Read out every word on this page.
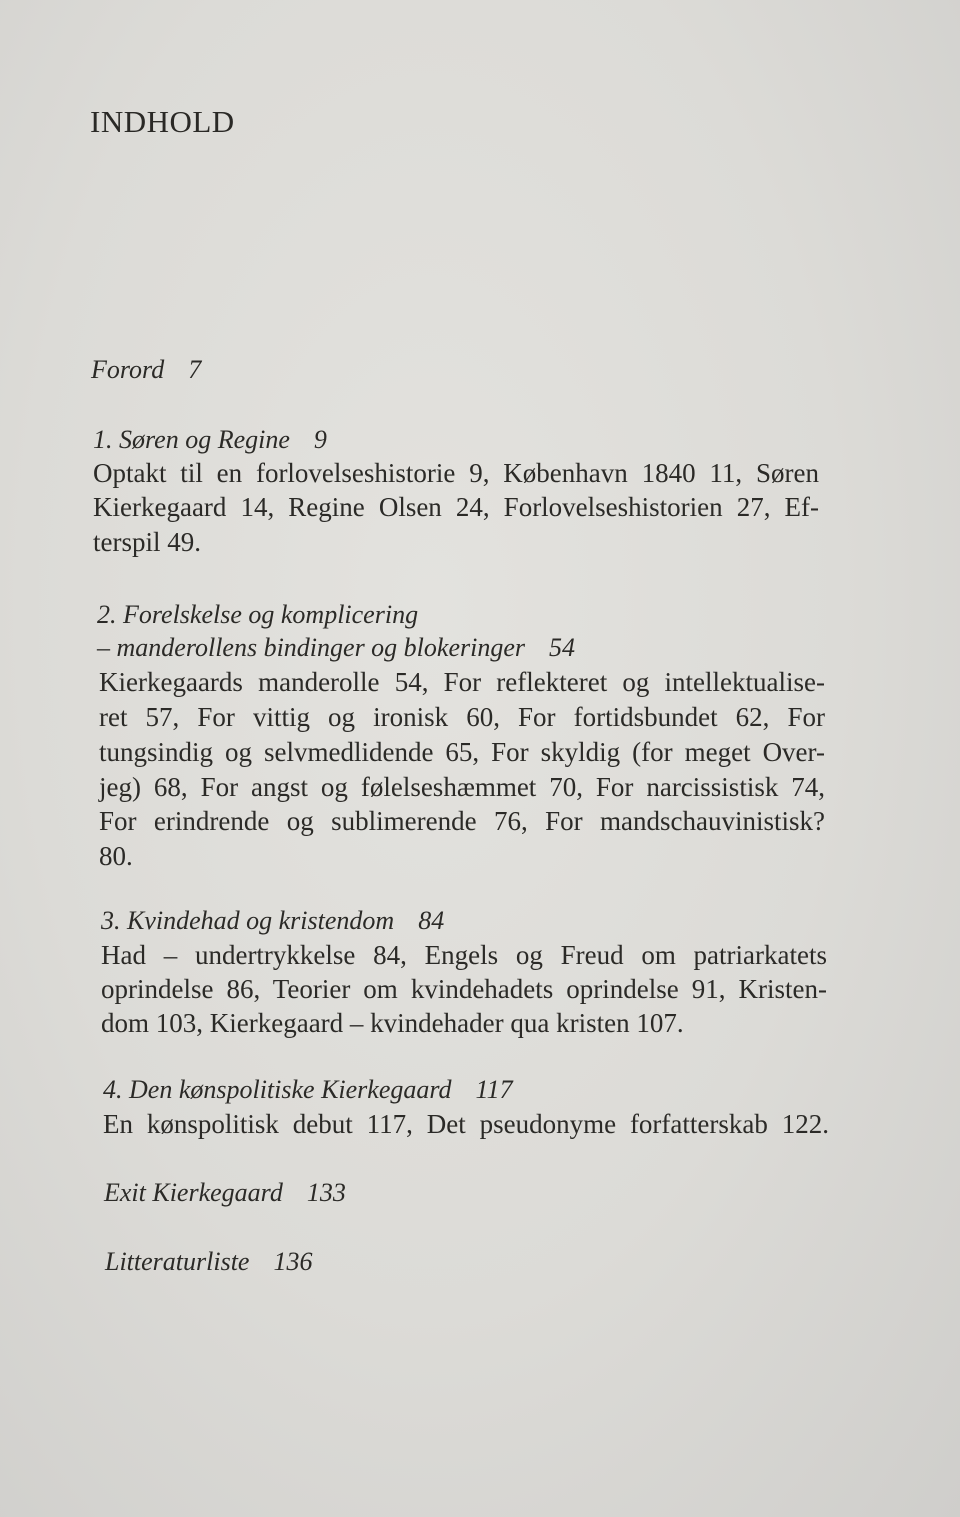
INDHOLD
Forord 7
1. Søren og Regine 9
Optakt til en forlovelseshistorie 9, København 1840 11, Søren
Kierkegaard 14, Regine Olsen 24, Forlovelseshistorien 27, Ef-
terspil 49.
2. Forelskelse og komplicering
– manderollens bindinger og blokeringer 54
Kierkegaards manderolle 54, For reflekteret og intellektualise-
ret 57, For vittig og ironisk 60, For fortidsbundet 62, For
tungsindig og selvmedlidende 65, For skyldig (for meget Over-
jeg) 68, For angst og følelseshæmmet 70, For narcissistisk 74,
For erindrende og sublimerende 76, For mandschauvinistisk?
80.
3. Kvindehad og kristendom 84
Had – undertrykkelse 84, Engels og Freud om patriarkatets
oprindelse 86, Teorier om kvindehadets oprindelse 91, Kristen-
dom 103, Kierkegaard – kvindehader qua kristen 107.
4. Den kønspolitiske Kierkegaard 117
En kønspolitisk debut 117, Det pseudonyme forfatterskab 122.
Exit Kierkegaard 133
Litteraturliste 136
